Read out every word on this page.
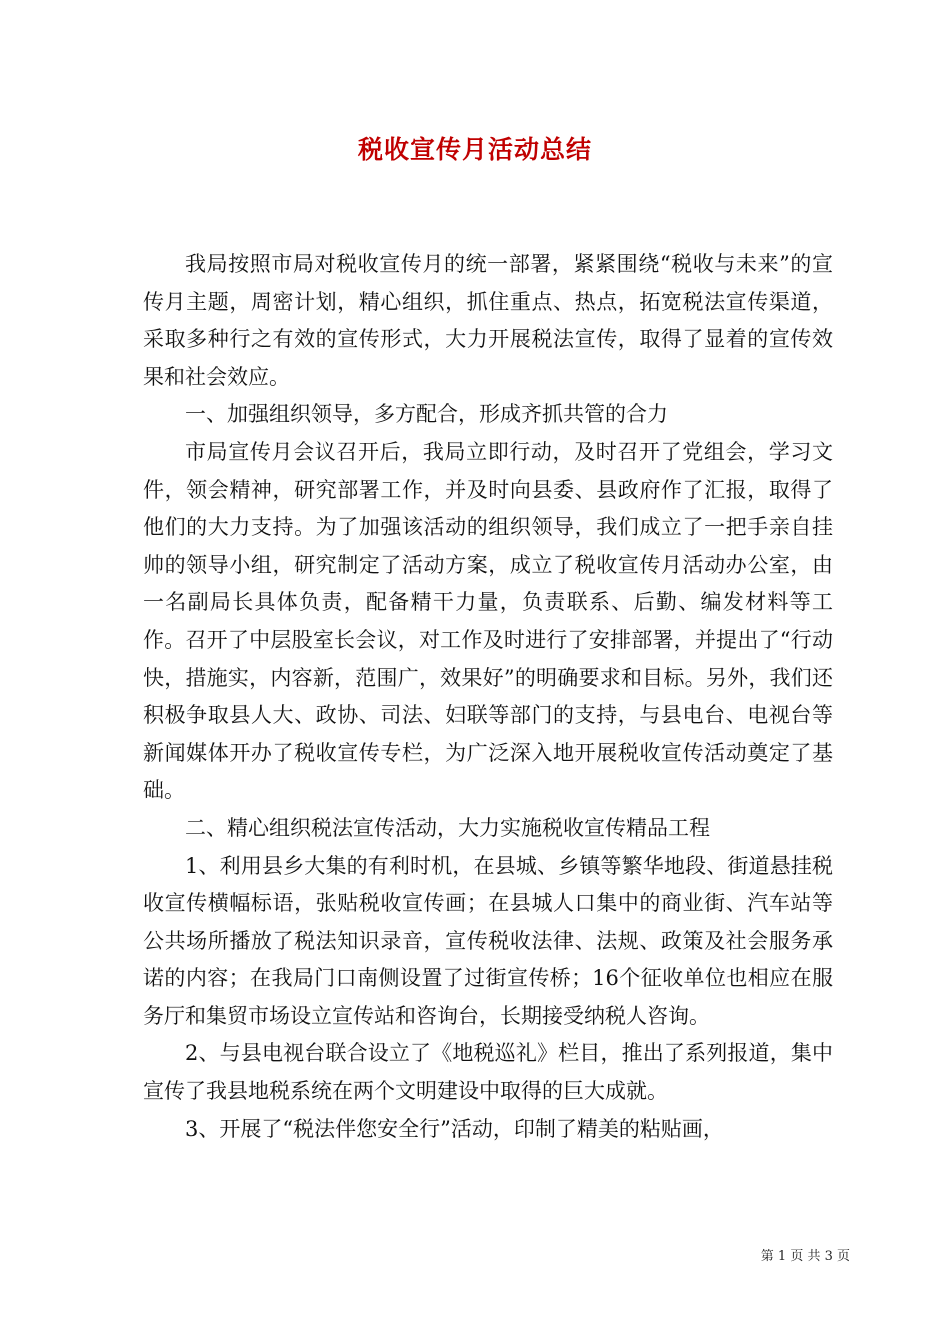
税收宣传月活动总结

我局按照市局对税收宣传月的统一部署，紧紧围绕“税收与未来”的宣传月主题，周密计划，精心组织，抓住重点、热点，拓宽税法宣传渠道，采取多种行之有效的宣传形式，大力开展税法宣传，取得了显着的宣传效果和社会效应。

一、加强组织领导，多方配合，形成齐抓共管的合力

市局宣传月会议召开后，我局立即行动，及时召开了党组会，学习文件，领会精神，研究部署工作，并及时向县委、县政府作了汇报，取得了他们的大力支持。为了加强该活动的组织领导，我们成立了一把手亲自挂帅的领导小组，研究制定了活动方案，成立了税收宣传月活动办公室，由一名副局长具体负责，配备精干力量，负责联系、后勤、编发材料等工作。召开了中层股室长会议，对工作及时进行了安排部署，并提出了“行动快，措施实，内容新，范围广，效果好”的明确要求和目标。另外，我们还积极争取县人大、政协、司法、妇联等部门的支持，与县电台、电视台等新闻媒体开办了税收宣传专栏，为广泛深入地开展税收宣传活动奠定了基础。

二、精心组织税法宣传活动，大力实施税收宣传精品工程

1、利用县乡大集的有利时机，在县城、乡镇等繁华地段、街道悬挂税收宣传横幅标语，张贴税收宣传画；在县城人口集中的商业街、汽车站等公共场所播放了税法知识录音，宣传税收法律、法规、政策及社会服务承诺的内容；在我局门口南侧设置了过街宣传桥；16个征收单位也相应在服务厅和集贸市场设立宣传站和咨询台，长期接受纳税人咨询。

2、与县电视台联合设立了《地税巡礼》栏目，推出了系列报道，集中宣传了我县地税系统在两个文明建设中取得的巨大成就。

3、开展了“税法伴您安全行”活动，印制了精美的粘贴画，

第 1 页 共 3 页
